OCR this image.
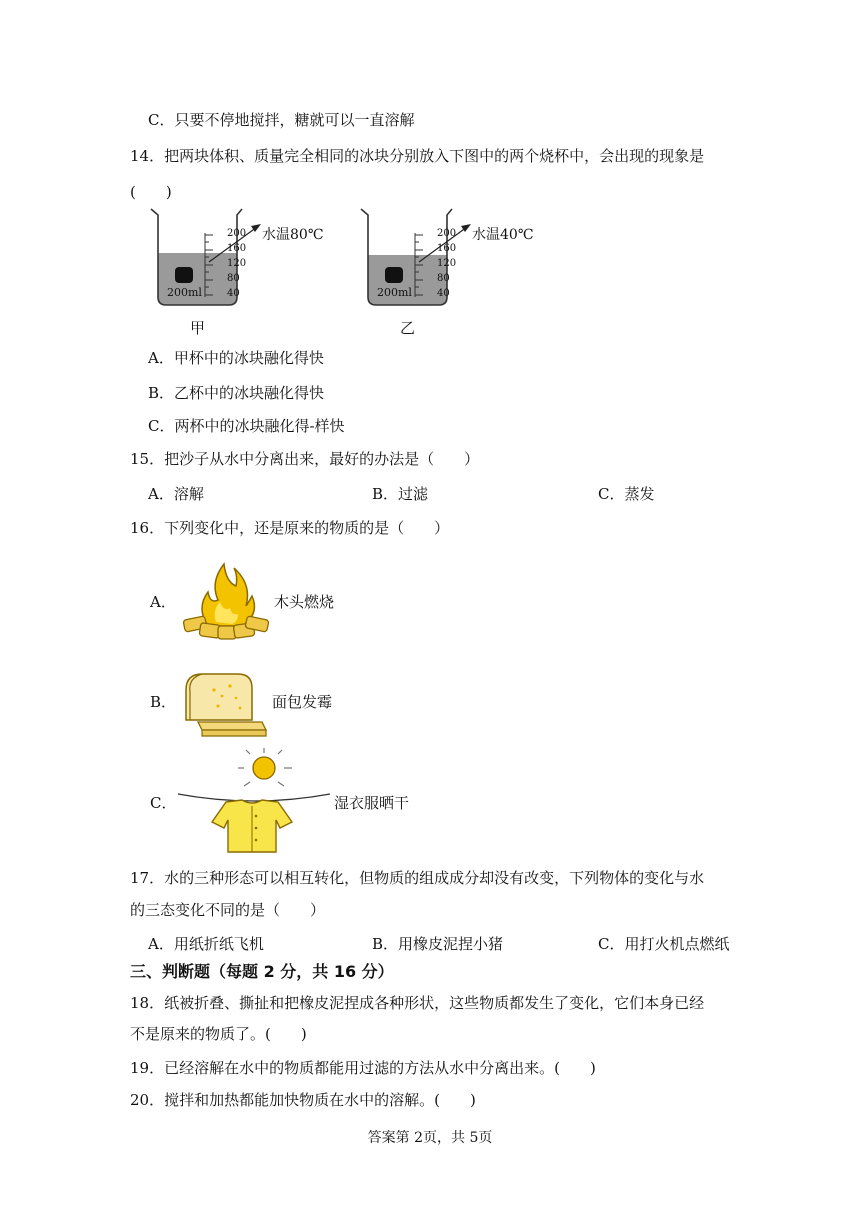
C．只要不停地搅拌，糖就可以一直溶解
14．把两块体积、质量完全相同的冰块分别放入下图中的两个烧杯中，会出现的现象是
(　　)
200
160
120
80
40
200ml
水温80℃
甲
200
160
120
80
40
200ml
水温40℃
乙
A．甲杯中的冰块融化得快
B．乙杯中的冰块融化得快
C．两杯中的冰块融化得-样快
15．把沙子从水中分离出来，最好的办法是（　　）
A．溶解	B．过滤	C．蒸发
16．下列变化中，还是原来的物质的是（　　）
A．	木头燃烧
B．	面包发霉
C．	湿衣服晒干
17．水的三种形态可以相互转化，但物质的组成成分却没有改变，下列物体的变化与水
的三态变化不同的是（　　）
A．用纸折纸飞机	B．用橡皮泥捏小猪	C．用打火机点燃纸
三、判断题（每题 2 分，共 16 分）
18．纸被折叠、撕扯和把橡皮泥捏成各种形状，这些物质都发生了变化，它们本身已经
不是原来的物质了。(　　)
19．已经溶解在水中的物质都能用过滤的方法从水中分离出来。(　　)
20．搅拌和加热都能加快物质在水中的溶解。(　　)
答案第 2页，共 5页
